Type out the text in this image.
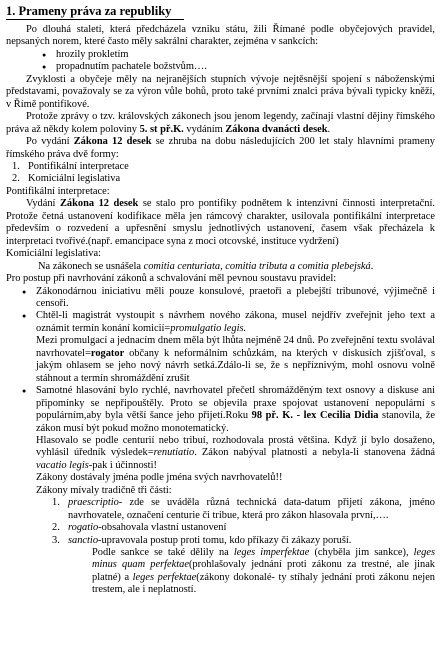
1. Prameny práva za republiky

Po dlouhá staletí, která předcházela vzniku státu, žili Římané podle obyčejových pravidel, nepsaných norem, které často měly sakrální charakter, zejména v sankcích:

● hrozily prokletím
● propadnutím pachatele božstvům….

Zvyklosti a obyčeje měly na nejranějších stupních vývoje nejtěsnější spojení s náboženskými představami, považovaly se za výron vůle bohů, proto také prvními znalci práva bývali typicky kněží, v Římě pontifikové.

Protože zprávy o tzv. královských zákonech jsou jenom legendy, začínají vlastní dějiny římského práva až někdy kolem poloviny 5. st př.K. vydáním Zákona dvanácti desek.

Po vydání Zákona 12 desek se zhruba na dobu následujících 200 let staly hlavními prameny římského práva dvě formy:

1. Pontifikální interpretace
2. Komiciální legislativa

Pontifikální interpretace:

Vydání Zákona 12 desek se stalo pro pontifiky podnětem k intenzivní činnosti interpretační. Protože četná ustanovení kodifikace měla jen rámcový charakter, usilovala pontifikální interpretace především o rozvedení a upřesnění smyslu jednotlivých ustanovení, časem však přecházela k interpretaci tvořivé.(např. emancipace syna z moci otcovské, instituce vydržení)

Komiciální legislativa:

Na zákonech se usnášela comitia centuriata, comitia tributa a comitia plebejská.

Pro postup při navrhování zákonů a schvalování měl pevnou soustavu pravidel:

● Zákonodárnou iniciativu měli pouze konsulové, praetoři a plebejští tribunové, výjimečně i censoři.
● Chtěl-li magistrát vystoupit s návrhem nového zákona, musel nejdřív zveřejnit jeho text a oznámit termín konání komicií=promulgatio legis.
Mezi promulgací a jednacím dnem měla být lhůta nejméně 24 dnů. Po zveřejnění textu svolával navrhovatel=rogator občany k neformálním schůzkám, na kterých v diskusích zjišťoval, s jakým ohlasem se jeho nový návrh setká.Zdálo-li se, že s nepříznivým, mohl osnovu volně stáhnout a termín shromáždění zrušit
● Samotné hlasování bylo rychlé, navrhovatel přečetl shromážděným text osnovy a diskuse ani připomínky se nepřipouštěly. Proto se objevila praxe spojovat ustanovení nepopulární s populárním,aby byla větší šance jeho přijetí.Roku 98 př. K. - lex Cecilia Didia stanovila, že zákon musí být pokud možno monotematický.
Hlasovalo se podle centurií nebo tribuí, rozhodovala prostá většina. Když jí bylo dosaženo, vyhlásil úředník výsledek=renutiatio. Zákon nabýval platnosti a nebyla-li stanovena žádná vacatio legis-pak i účinnosti!

Zákony dostávaly jména podle jména svých navrhovatelů!!

Zákony mívaly tradičně tři části:

1. praescriptio- zde se uváděla různá technická data-datum přijetí zákona, jméno navrhovatele, označení centurie či tribue, která pro zákon hlasovala první,….
2. rogatio-obsahovala vlastní ustanovení
3. sanctio-upravovala postup proti tomu, kdo příkazy či zákazy poruší.

Podle sankce se také dělily na leges imperfektae (chyběla jim sankce), leges minus quam perfektae(prohlašovaly jednání proti zákonu za trestné, ale jinak platné) a leges perfektae(zákony dokonalé- ty stíhaly jednání proti zákonu nejen trestem, ale i neplatností.
